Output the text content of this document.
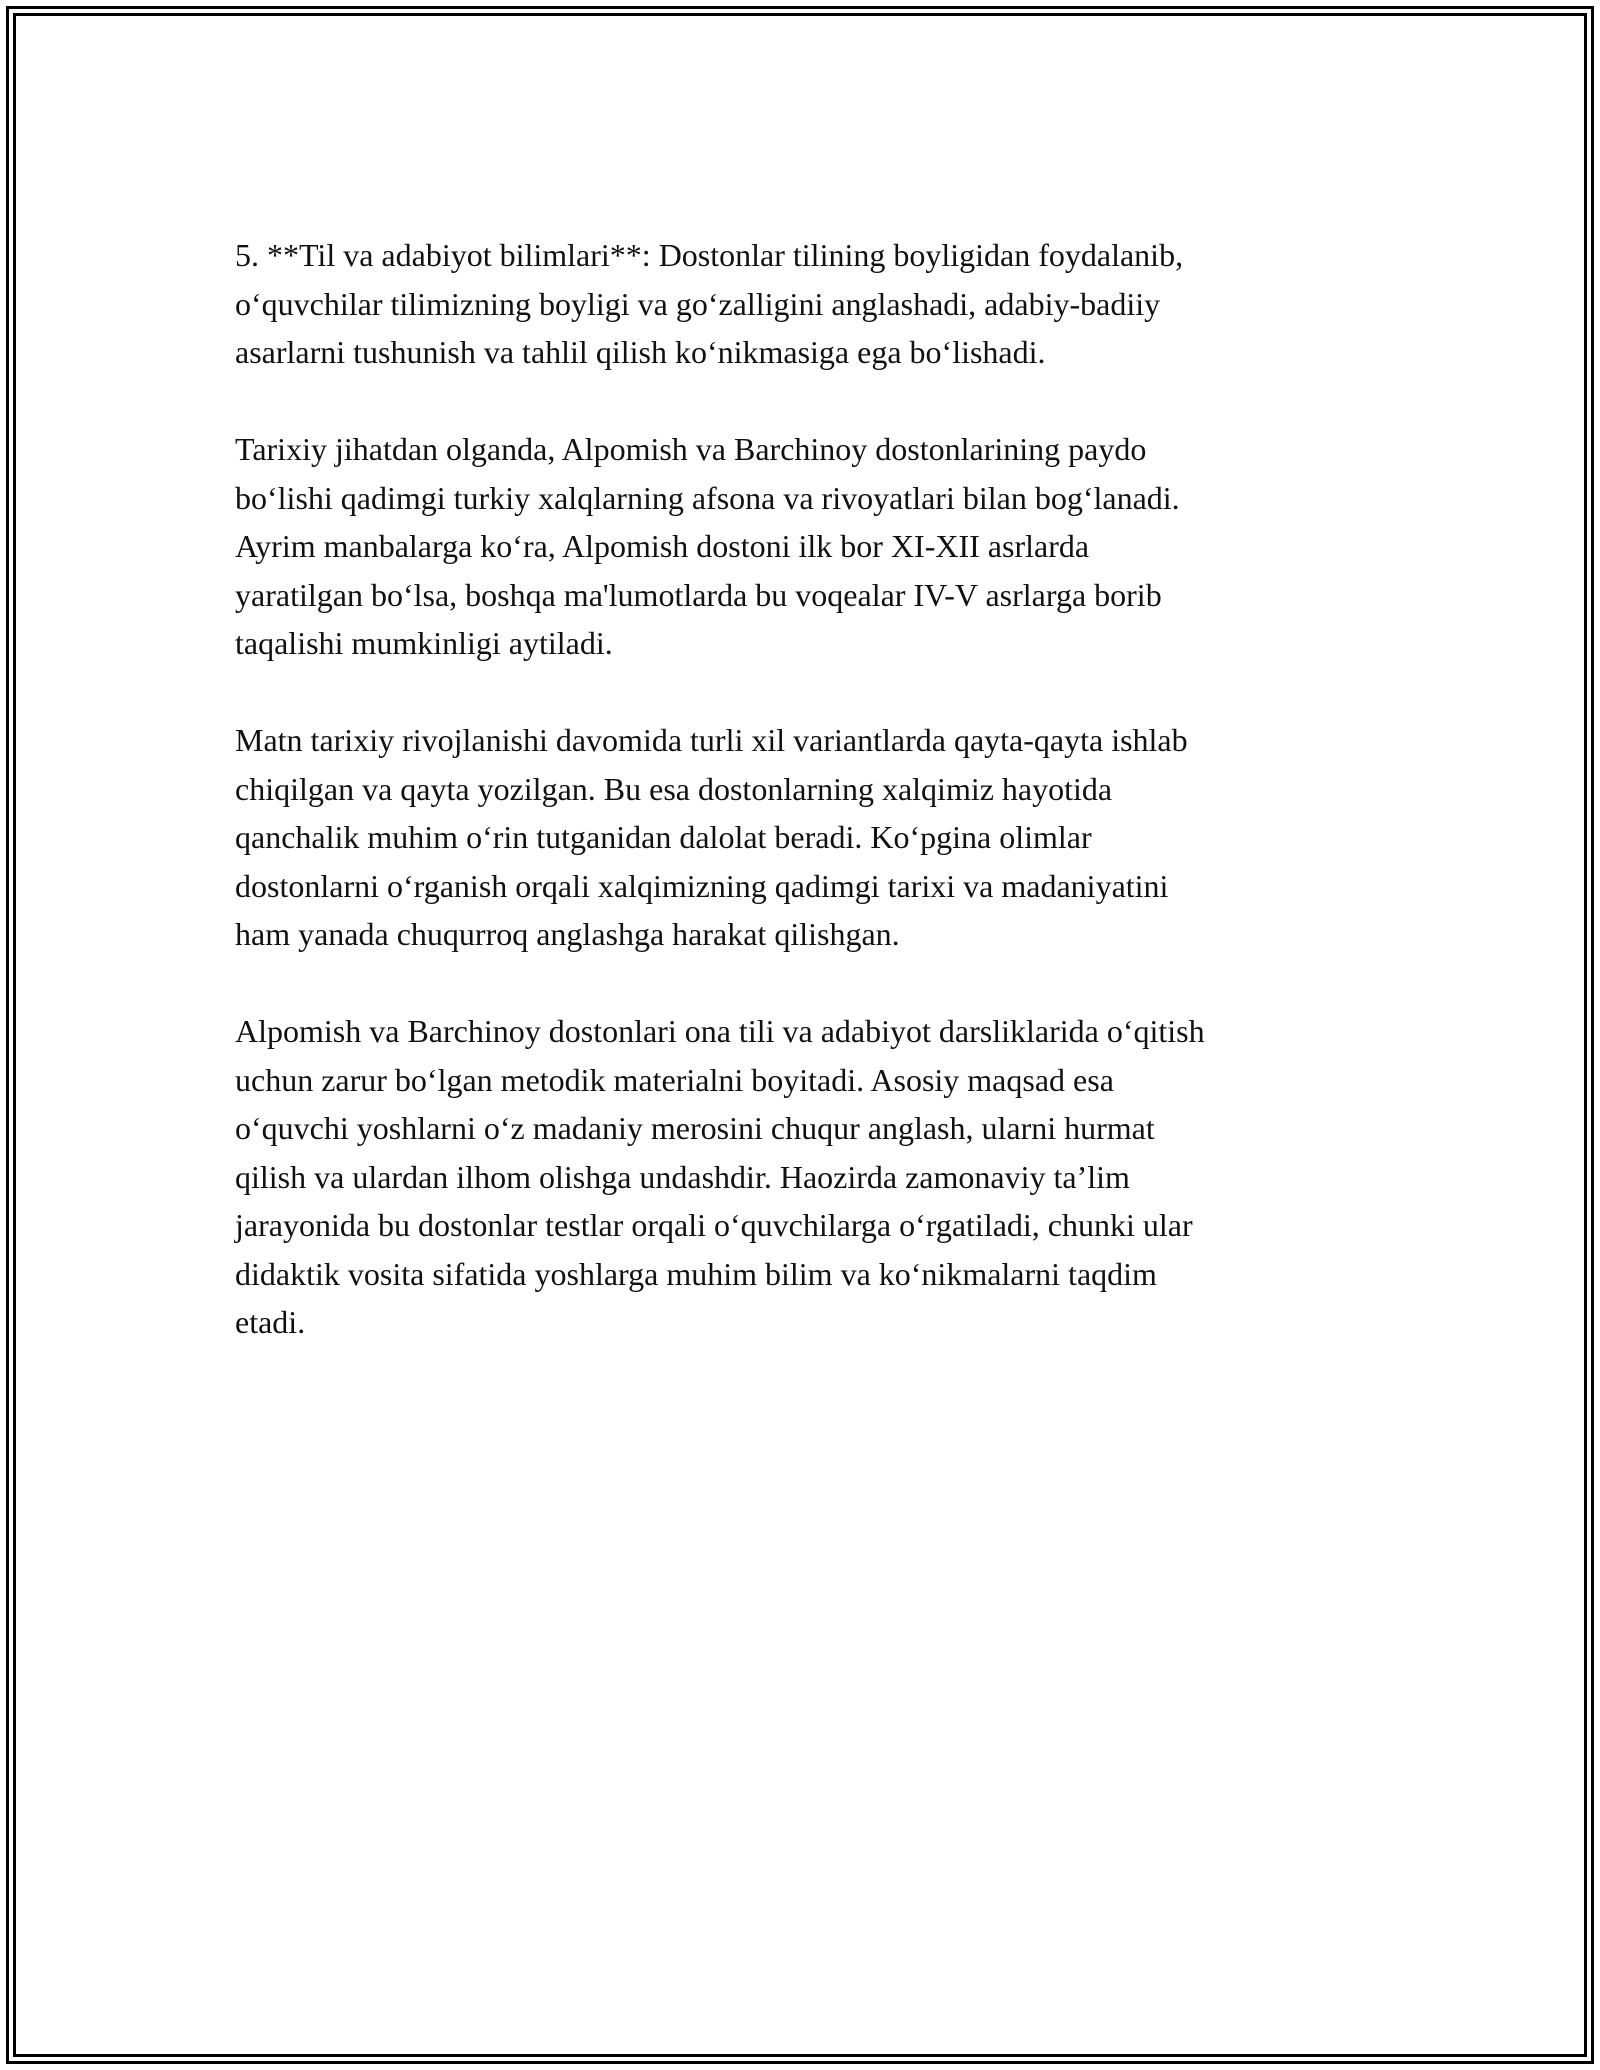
5. **Til va adabiyot bilimlari**: Dostonlar tilining boyligidan foydalanib,
o‘quvchilar tilimizning boyligi va go‘zalligini anglashadi, adabiy-badiiy
asarlarni tushunish va tahlil qilish ko‘nikmasiga ega bo‘lishadi.

Tarixiy jihatdan olganda, Alpomish va Barchinoy dostonlarining paydo
bo‘lishi qadimgi turkiy xalqlarning afsona va rivoyatlari bilan bog‘lanadi.
Ayrim manbalarga ko‘ra, Alpomish dostoni ilk bor XI-XII asrlarda
yaratilgan bo‘lsa, boshqa ma'lumotlarda bu voqealar IV-V asrlarga borib
taqalishi mumkinligi aytiladi.

Matn tarixiy rivojlanishi davomida turli xil variantlarda qayta-qayta ishlab
chiqilgan va qayta yozilgan. Bu esa dostonlarning xalqimiz hayotida
qanchalik muhim o‘rin tutganidan dalolat beradi. Ko‘pgina olimlar
dostonlarni o‘rganish orqali xalqimizning qadimgi tarixi va madaniyatini
ham yanada chuqurroq anglashga harakat qilishgan.

Alpomish va Barchinoy dostonlari ona tili va adabiyot darsliklarida o‘qitish
uchun zarur bo‘lgan metodik materialni boyitadi. Asosiy maqsad esa
o‘quvchi yoshlarni o‘z madaniy merosini chuqur anglash, ularni hurmat
qilish va ulardan ilhom olishga undashdir. Haozirda zamonaviy ta’lim
jarayonida bu dostonlar testlar orqali o‘quvchilarga o‘rgatiladi, chunki ular
didaktik vosita sifatida yoshlarga muhim bilim va ko‘nikmalarni taqdim
etadi.
